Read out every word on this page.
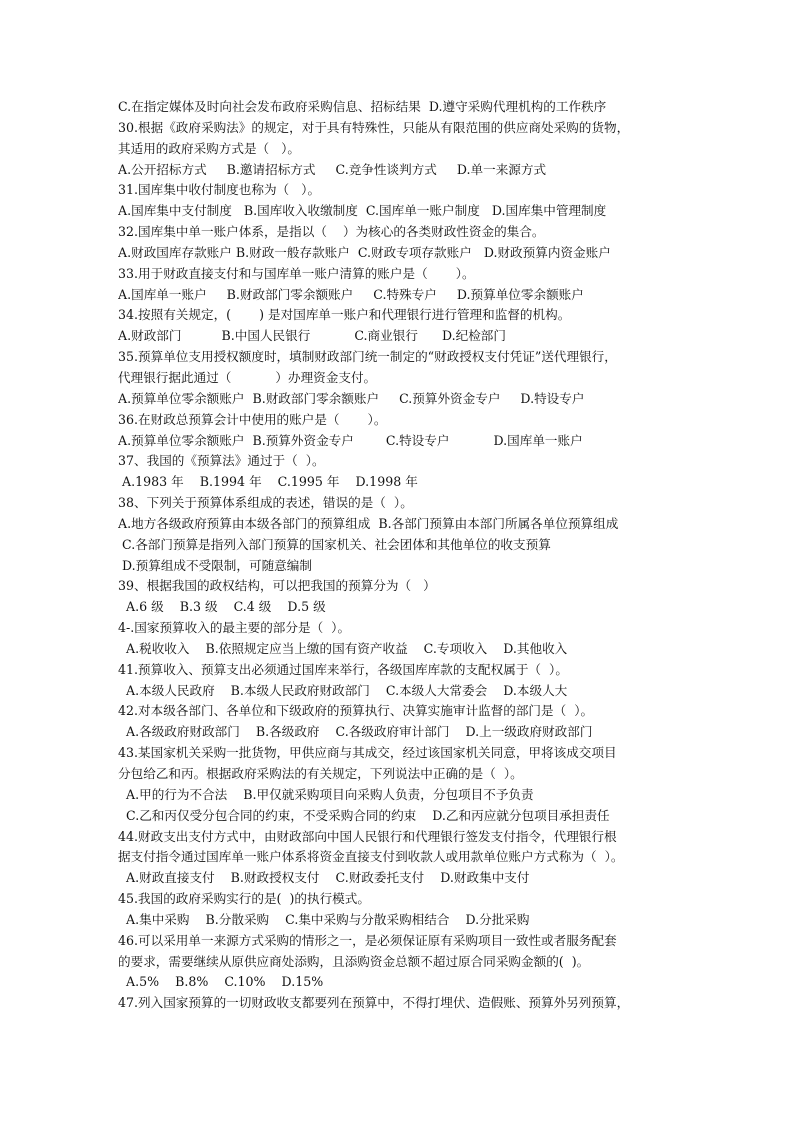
C.在指定媒体及时向社会发布政府采购信息、招标结果  D.遵守采购代理机构的工作秩序
30.根据《政府采购法》的规定，对于具有特殊性，只能从有限范围的供应商处采购的货物，
其适用的政府采购方式是（   ）。
A.公开招标方式     B.邀请招标方式     C.竞争性谈判方式     D.单一来源方式
31.国库集中收付制度也称为（   ）。
A.国库集中支付制度   B.国库收入收缴制度  C.国库单一账户制度   D.国库集中管理制度
32.国库集中单一账户体系，是指以（    ）为核心的各类财政性资金的集合。
A.财政国库存款账户 B.财政一般存款账户  C.财政专项存款账户   D.财政预算内资金账户
33.用于财政直接支付和与国库单一账户清算的账户是（       ）。
A.国库单一账户     B.财政部门零余额账户     C.特殊专户     D.预算单位零余额账户
34.按照有关规定，(       ) 是对国库单一账户和代理银行进行管理和监督的机构。
A.财政部门          B.中国人民银行           C.商业银行      D.纪检部门
35.预算单位支用授权额度时，填制财政部门统一制定的“财政授权支付凭证”送代理银行，
代理银行据此通过（           ）办理资金支付。
A.预算单位零余额账户  B.财政部门零余额账户     C.预算外资金专户     D.特设专户
36.在财政总预算会计中使用的账户是（       ）。
A.预算单位零余额账户  B.预算外资金专户        C.特设专户           D.国库单一账户
37、我国的《预算法》通过于（  ）。
A.1983 年    B.1994 年    C.1995 年    D.1998 年
38、下列关于预算体系组成的表述，错误的是（  ）。
A.地方各级政府预算由本级各部门的预算组成  B.各部门预算由本部门所属各单位预算组成
C.各部门预算是指列入部门预算的国家机关、社会团体和其他单位的收支预算
D.预算组成不受限制，可随意编制
39、根据我国的政权结构，可以把我国的预算分为（   ）
A.6 级    B.3 级    C.4 级    D.5 级
4-.国家预算收入的最主要的部分是（  ）。
A.税收收入    B.依照规定应当上缴的国有资产收益    C.专项收入    D.其他收入
41.预算收入、预算支出必须通过国库来举行，各级国库库款的支配权属于（  ）。
A.本级人民政府    B.本级人民政府财政部门    C.本级人大常委会    D.本级人大
42.对本级各部门、各单位和下级政府的预算执行、决算实施审计监督的部门是（  ）。
A.各级政府财政部门    B.各级政府    C.各级政府审计部门    D.上一级政府财政部门
43.某国家机关采购一批货物，甲供应商与其成交，经过该国家机关同意，甲将该成交项目
分包给乙和丙。根据政府采购法的有关规定，下列说法中正确的是（  ）。
A.甲的行为不合法    B.甲仅就采购项目向采购人负责，分包项目不予负责
C.乙和丙仅受分包合同的约束，不受采购合同的约束    D.乙和丙应就分包项目承担责任
44.财政支出支付方式中，由财政部向中国人民银行和代理银行签发支付指令，代理银行根
据支付指令通过国库单一账户体系将资金直接支付到收款人或用款单位账户方式称为（  ）。
A.财政直接支付    B.财政授权支付    C.财政委托支付    D.财政集中支付
45.我国的政府采购实行的是(  )的执行模式。
A.集中采购    B.分散采购    C.集中采购与分散采购相结合    D.分批采购
46.可以采用单一来源方式采购的情形之一，是必须保证原有采购项目一致性或者服务配套
的要求，需要继续从原供应商处添购，且添购资金总额不超过原合同采购金额的(  )。
A.5%    B.8%    C.10%    D.15%
47.列入国家预算的一切财政收支都要列在预算中，不得打埋伏、造假账、预算外另列预算，
